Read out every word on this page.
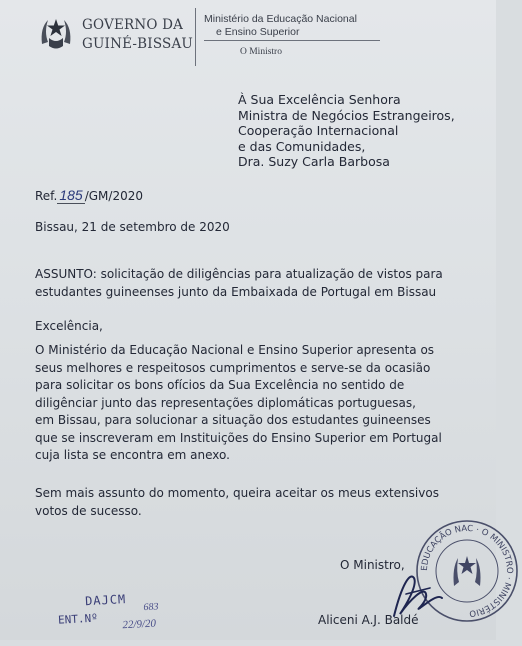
GOVERNO DA
GUINÉ-BISSAU
Ministério da Educação Nacional
e Ensino Superior
O Ministro
À Sua Excelência Senhora
Ministra de Negócios Estrangeiros,
Cooperação Internacional
e das Comunidades,
Dra. Suzy Carla Barbosa
Ref. 185 /GM/2020
Bissau, 21 de setembro de 2020
ASSUNTO: solicitação de diligências para atualização de vistos para
estudantes guineenses junto da Embaixada de Portugal em Bissau
Excelência,
O Ministério da Educação Nacional e Ensino Superior apresenta os
seus melhores e respeitosos cumprimentos e serve-se da ocasião
para solicitar os bons ofícios da Sua Excelência no sentido de
diligênciar junto das representações diplomáticas portuguesas,
em Bissau, para solucionar a situação dos estudantes guineenses
que se inscreveram em Instituições do Ensino Superior em Portugal
cuja lista se encontra em anexo.
Sem mais assunto do momento, queira aceitar os meus extensivos
votos de sucesso.
EDUCAÇÃO NAC · O MINISTRO · MINISTÉRIO
O Ministro,
Aliceni A.J. Baldé
DAJCM
ENT.Nº
683
22/9/20
